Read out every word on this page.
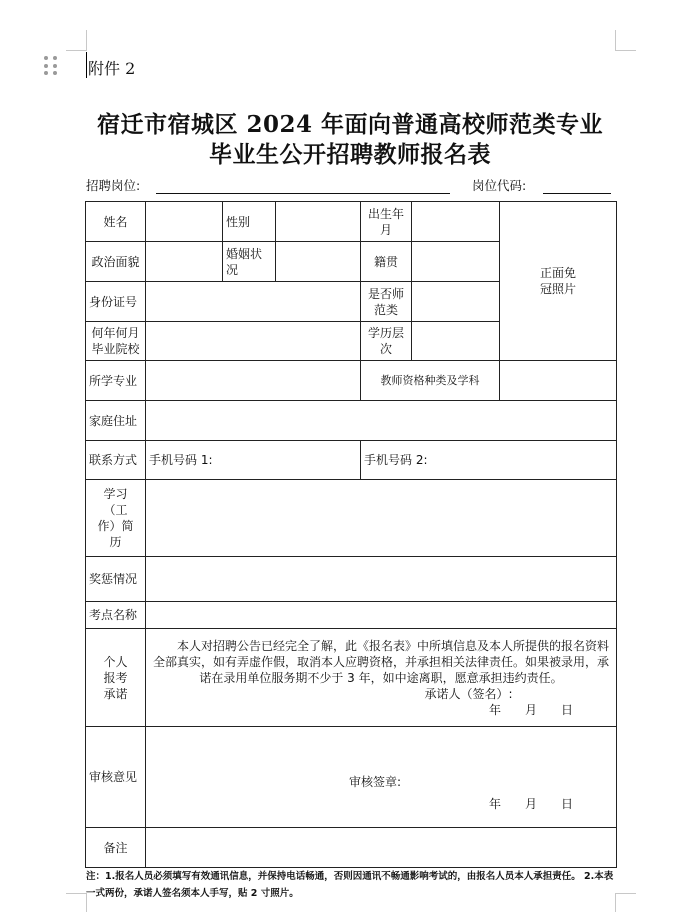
附件 2
宿迁市宿城区 2024 年面向普通高校师范类专业
毕业生公开招聘教师报名表
招聘岗位:	岗位代码:
姓名		性别		出生年月		正面免冠照片

政治面貌		婚姻状况		籍贯		
身份证号				是否师范类		
何年何月毕业院校				学历层次		
所学专业				教师资格种类及学科		
家庭住址						
联系方式	手机号码 1:			手机号码 2:		

学习（工作）简历						

奖惩情况						
考点名称						

个人报考承诺	本人对招聘公告已经完全了解，此《报名表》中所填信息及本人所提供的报名资料全部真实，如有弄虚作假，取消本人应聘资格，并承担相关法律责任。如果被录用，承诺在录用单位服务期不少于 3 年，如中途离职，愿意承担违约责任。

承诺人（签名）:
年 月 日					

审核意见	审核签章:
年 月 日					

备注						
注：1.报名人员必须填写有效通讯信息，并保持电话畅通，否则因通讯不畅通影响考试的，由报名人员本人承担责任。 2.本表一式两份，承诺人签名须本人手写，贴 2 寸照片。
